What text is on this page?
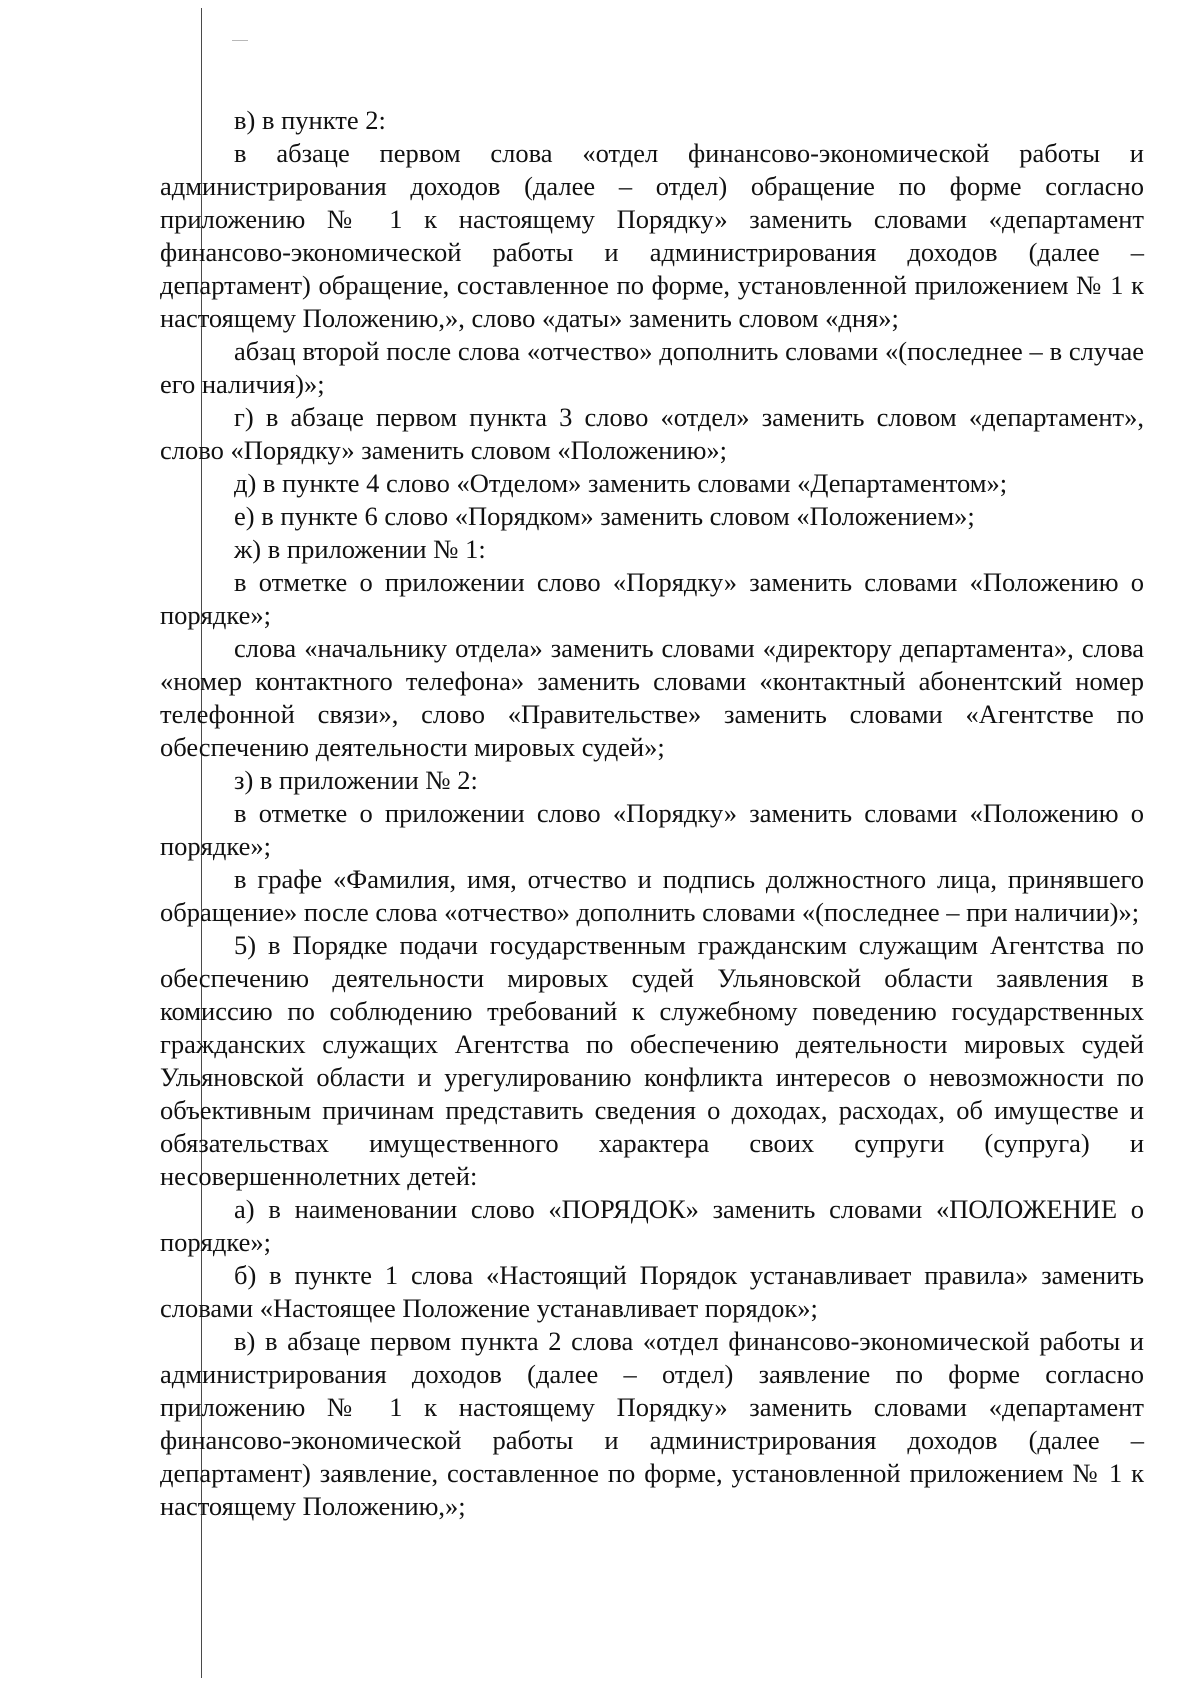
в) в пункте 2:

в абзаце первом слова «отдел финансово-экономической работы и администрирования доходов (далее – отдел) обращение по форме согласно приложению № 1 к настоящему Порядку» заменить словами «департамент финансово-экономической работы и администрирования доходов (далее – департамент) обращение, составленное по форме, установленной приложением № 1 к настоящему Положению,», слово «даты» заменить словом «дня»;

абзац второй после слова «отчество» дополнить словами «(последнее – в случае его наличия)»;

г) в абзаце первом пункта 3 слово «отдел» заменить словом «департамент», слово «Порядку» заменить словом «Положению»;

д) в пункте 4 слово «Отделом» заменить словами «Департаментом»;

е) в пункте 6 слово «Порядком» заменить словом «Положением»;

ж) в приложении № 1:

в отметке о приложении слово «Порядку» заменить словами «Положению о порядке»;

слова «начальнику отдела» заменить словами «директору департамента», слова «номер контактного телефона» заменить словами «контактный абонентский номер телефонной связи», слово «Правительстве» заменить словами «Агентстве по обеспечению деятельности мировых судей»;

з) в приложении № 2:

в отметке о приложении слово «Порядку» заменить словами «Положению о порядке»;

в графе «Фамилия, имя, отчество и подпись должностного лица, принявшего обращение» после слова «отчество» дополнить словами «(последнее – при наличии)»;

5) в Порядке подачи государственным гражданским служащим Агентства по обеспечению деятельности мировых судей Ульяновской области заявления в комиссию по соблюдению требований к служебному поведению государственных гражданских служащих Агентства по обеспечению деятельности мировых судей Ульяновской области и урегулированию конфликта интересов о невозможности по объективным причинам представить сведения о доходах, расходах, об имуществе и обязательствах имущественного характера своих супруги (супруга) и несовершеннолетних детей:

а) в наименовании слово «ПОРЯДОК» заменить словами «ПОЛОЖЕНИЕ о порядке»;

б) в пункте 1 слова «Настоящий Порядок устанавливает правила» заменить словами «Настоящее Положение устанавливает порядок»;

в) в абзаце первом пункта 2 слова «отдел финансово-экономической работы и администрирования доходов (далее – отдел) заявление по форме согласно приложению № 1 к настоящему Порядку» заменить словами «департамент финансово-экономической работы и администрирования доходов (далее – департамент) заявление, составленное по форме, установленной приложением № 1 к настоящему Положению,»;
